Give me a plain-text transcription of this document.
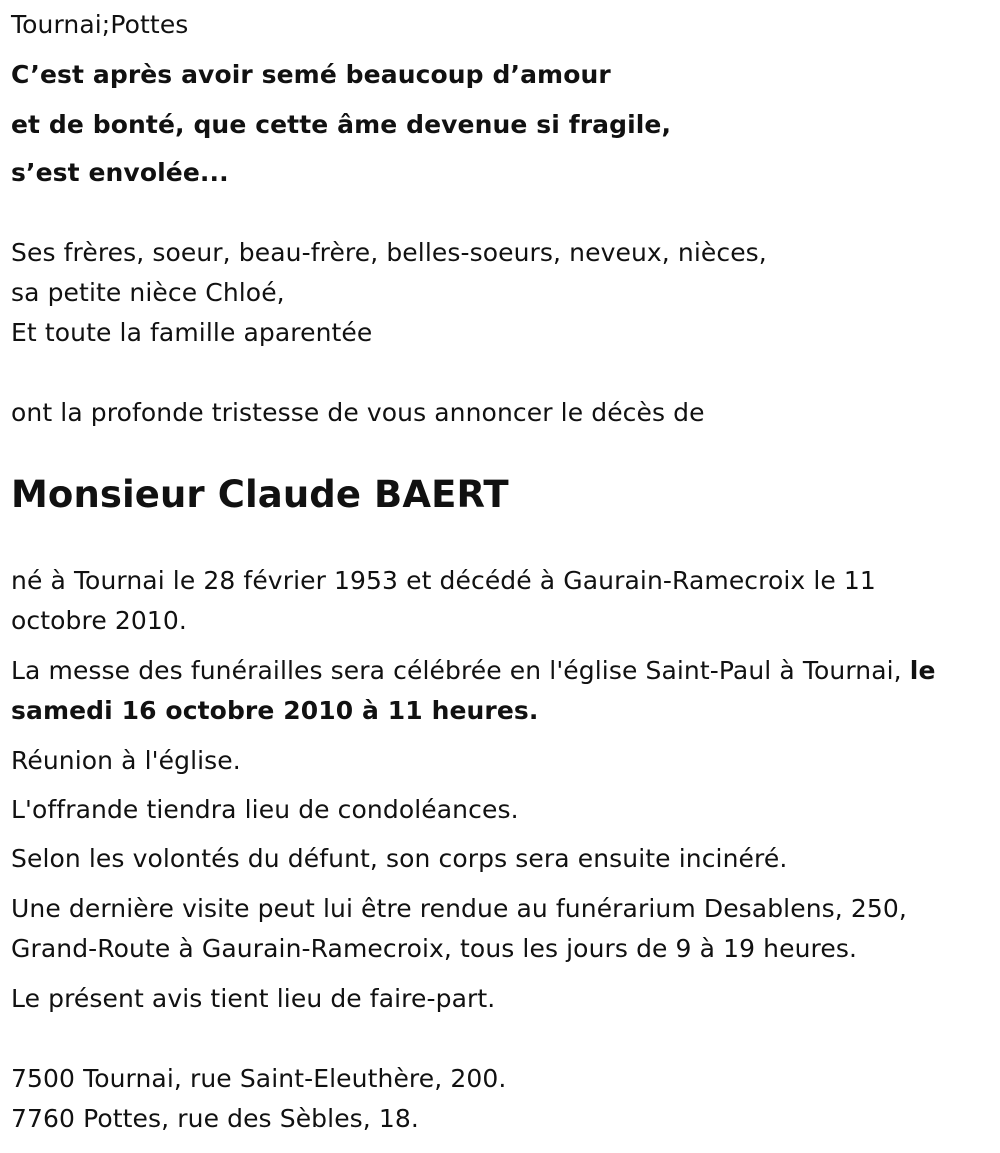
Tournai;Pottes
C’est après avoir semé beaucoup d’amour
et de bonté, que cette âme devenue si fragile,
s’est envolée...
Ses frères, soeur, beau-frère, belles-soeurs, neveux, nièces,
sa petite nièce Chloé,
Et toute la famille aparentée
ont la profonde tristesse de vous annoncer le décès de
Monsieur Claude BAERT
né à Tournai le 28 février 1953 et décédé à Gaurain-Ramecroix le 11
octobre 2010.
La messe des funérailles sera célébrée en l'église Saint-Paul à Tournai, le
samedi 16 octobre 2010 à 11 heures.
Réunion à l'église.
L'offrande tiendra lieu de condoléances.
Selon les volontés du défunt, son corps sera ensuite incinéré.
Une dernière visite peut lui être rendue au funérarium Desablens, 250,
Grand-Route à Gaurain-Ramecroix, tous les jours de 9 à 19 heures.
Le présent avis tient lieu de faire-part.
7500 Tournai, rue Saint-Eleuthère, 200.
7760 Pottes, rue des Sèbles, 18.
